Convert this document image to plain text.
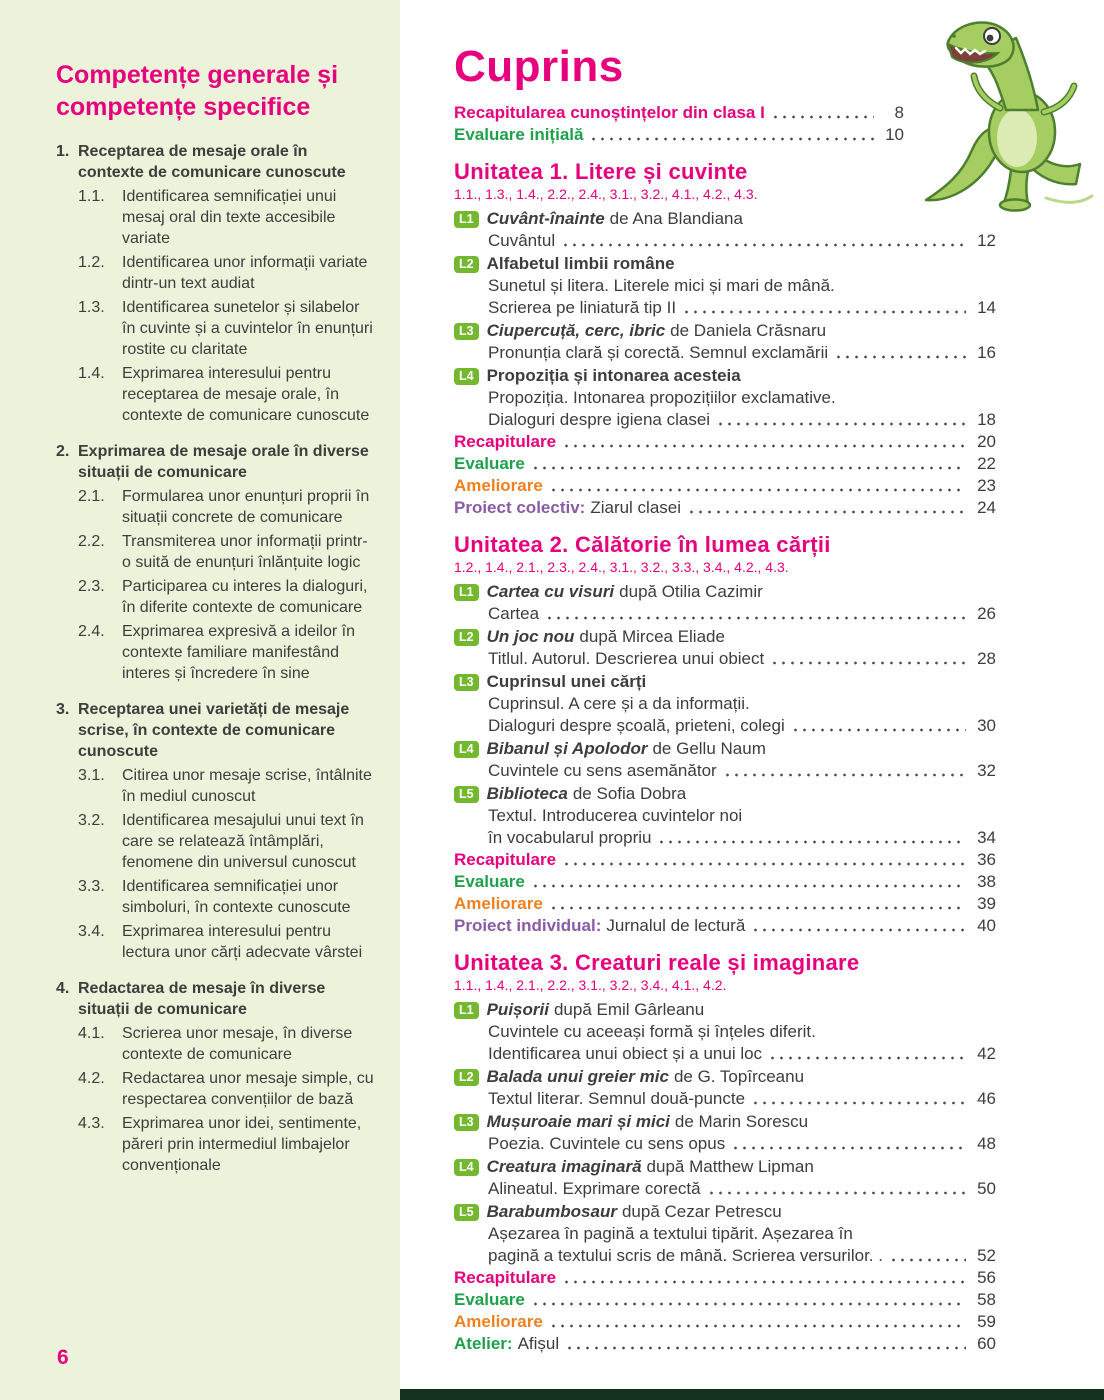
Competențe generale și competențe specifice
1. Receptarea de mesaje orale în contexte de comunicare cunoscute
1.1.	Identificarea semnificației unui mesaj oral din texte accesibile variate
1.2.	Identificarea unor informații variate dintr-un text audiat
1.3.	Identificarea sunetelor și silabelor în cuvinte și a cuvintelor în enunțuri rostite cu claritate
1.4.	Exprimarea interesului pentru receptarea de mesaje orale, în contexte de comunicare cunoscute
2. Exprimarea de mesaje orale în diverse situații de comunicare
2.1.	Formularea unor enunțuri proprii în situații concrete de comunicare
2.2.	Transmiterea unor informații printr-o suită de enunțuri înlănțuite logic
2.3.	Participarea cu interes la dialoguri, în diferite contexte de comunicare
2.4.	Exprimarea expresivă a ideilor în contexte familiare manifestând interes și încredere în sine
3. Receptarea unei varietăți de mesaje scrise, în contexte de comunicare cunoscute
3.1.	Citirea unor mesaje scrise, întâlnite în mediul cunoscut
3.2.	Identificarea mesajului unui text în care se relatează întâmplări, fenomene din universul cunoscut
3.3.	Identificarea semnificației unor simboluri, în contexte cunoscute
3.4.	Exprimarea interesului pentru lectura unor cărți adecvate vârstei
4. Redactarea de mesaje în diverse situații de comunicare
4.1.	Scrierea unor mesaje, în diverse contexte de comunicare
4.2.	Redactarea unor mesaje simple, cu respectarea convențiilor de bază
4.3.	Exprimarea unor idei, sentimente, păreri prin intermediul limbajelor convenționale
6
Cuprins
Recapitularea cunoștințelor din clasa I	8
Evaluare inițială	10
Unitatea 1. Litere și cuvinte
1.1., 1.3., 1.4., 2.2., 2.4., 3.1., 3.2., 4.1., 4.2., 4.3.
L1 Cuvânt-înainte de Ana Blandiana
Cuvântul	12
L2 Alfabetul limbii române
Sunetul și litera. Literele mici și mari de mână.
Scrierea pe liniatură tip II	14
L3 Ciupercuță, cerc, ibric de Daniela Crăsnaru
Pronunția clară și corectă. Semnul exclamării	16
L4 Propoziția și intonarea acesteia
Propoziția. Intonarea propozițiilor exclamative.
Dialoguri despre igiena clasei	18
Recapitulare	20
Evaluare	22
Ameliorare	23
Proiect colectiv: Ziarul clasei	24
Unitatea 2. Călătorie în lumea cărții
1.2., 1.4., 2.1., 2.3., 2.4., 3.1., 3.2., 3.3., 3.4., 4.2., 4.3.
L1 Cartea cu visuri după Otilia Cazimir
Cartea	26
L2 Un joc nou după Mircea Eliade
Titlul. Autorul. Descrierea unui obiect	28
L3 Cuprinsul unei cărți
Cuprinsul. A cere și a da informații.
Dialoguri despre școală, prieteni, colegi	30
L4 Bibanul și Apolodor de Gellu Naum
Cuvintele cu sens asemănător	32
L5 Biblioteca de Sofia Dobra
Textul. Introducerea cuvintelor noi
în vocabularul propriu	34
Recapitulare	36
Evaluare	38
Ameliorare	39
Proiect individual: Jurnalul de lectură	40
Unitatea 3. Creaturi reale și imaginare
1.1., 1.4., 2.1., 2.2., 3.1., 3.2., 3.4., 4.1., 4.2.
L1 Puișorii după Emil Gârleanu
Cuvintele cu aceeași formă și înțeles diferit.
Identificarea unui obiect și a unui loc	42
L2 Balada unui greier mic de G. Topîrceanu
Textul literar. Semnul două-puncte	46
L3 Mușuroaie mari și mici de Marin Sorescu
Poezia. Cuvintele cu sens opus	48
L4 Creatura imaginară după Matthew Lipman
Alineatul. Exprimare corectă	50
L5 Barabumbosaur după Cezar Petrescu
Așezarea în pagină a textului tipărit. Așezarea în
pagină a textului scris de mână. Scrierea versurilor. .	52
Recapitulare	56
Evaluare	58
Ameliorare	59
Atelier: Afișul	60
